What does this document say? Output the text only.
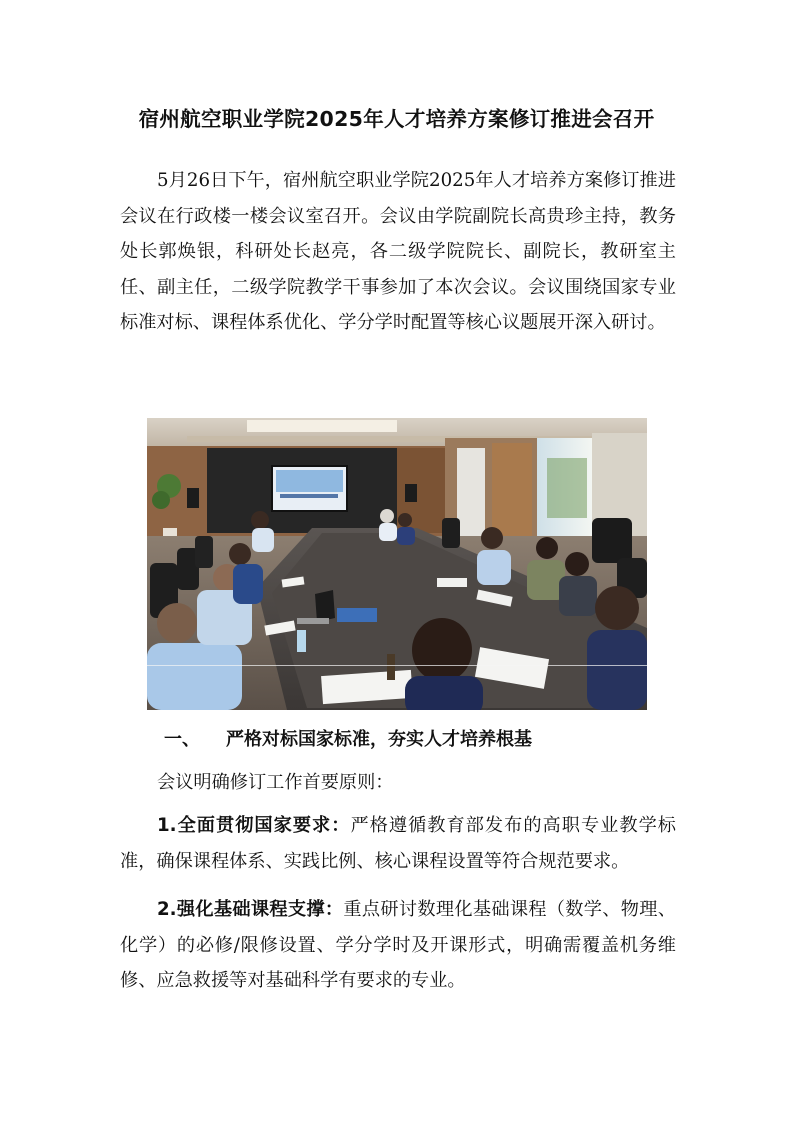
宿州航空职业学院2025年人才培养方案修订推进会召开

5月26日下午，宿州航空职业学院2025年人才培养方案修订推进会议在行政楼一楼会议室召开。会议由学院副院长高贵珍主持，教务处长郭焕银，科研处长赵亮，各二级学院院长、副院长，教研室主任、副主任，二级学院教学干事参加了本次会议。会议围绕国家专业标准对标、课程体系优化、学分学时配置等核心议题展开深入研讨。

一、 严格对标国家标准，夯实人才培养根基

会议明确修订工作首要原则：

1.全面贯彻国家要求：严格遵循教育部发布的高职专业教学标准，确保课程体系、实践比例、核心课程设置等符合规范要求。

2.强化基础课程支撑：重点研讨数理化基础课程（数学、物理、化学）的必修/限修设置、学分学时及开课形式，明确需覆盖机务维修、应急救援等对基础科学有要求的专业。
